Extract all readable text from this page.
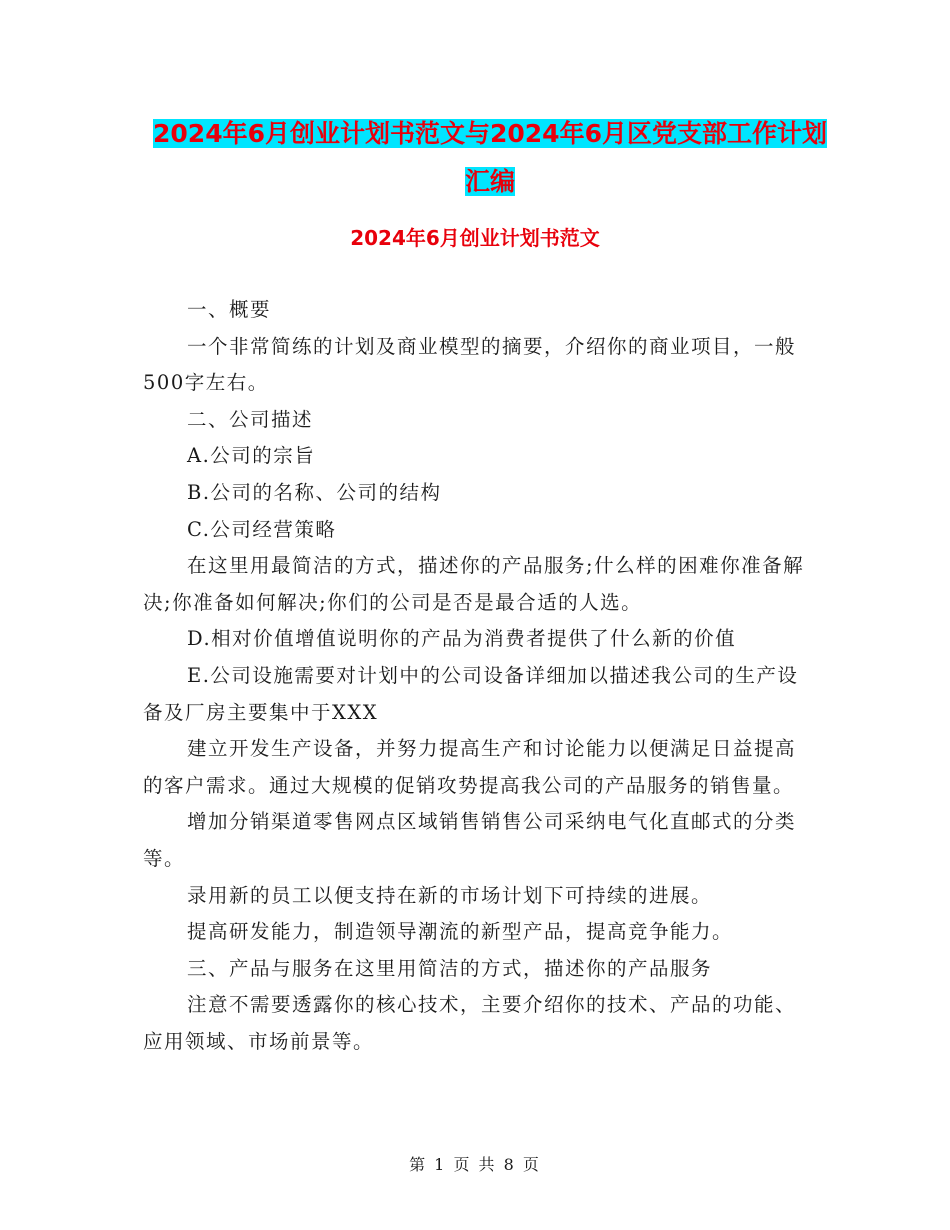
2024年6月创业计划书范文与2024年6月区党支部工作计划汇编
2024年6月创业计划书范文

一、概要

一个非常简练的计划及商业模型的摘要，介绍你的商业项目，一般500字左右。

二、公司描述

A.公司的宗旨

B.公司的名称、公司的结构

C.公司经营策略

在这里用最简洁的方式，描述你的产品服务;什么样的困难你准备解决;你准备如何解决;你们的公司是否是最合适的人选。

D.相对价值增值说明你的产品为消费者提供了什么新的价值

E.公司设施需要对计划中的公司设备详细加以描述我公司的生产设备及厂房主要集中于XXX

建立开发生产设备，并努力提高生产和讨论能力以便满足日益提高的客户需求。通过大规模的促销攻势提高我公司的产品服务的销售量。

增加分销渠道零售网点区域销售销售公司采纳电气化直邮式的分类等。

录用新的员工以便支持在新的市场计划下可持续的进展。

提高研发能力，制造领导潮流的新型产品，提高竞争能力。

三、产品与服务在这里用简洁的方式，描述你的产品服务

注意不需要透露你的核心技术，主要介绍你的技术、产品的功能、应用领域、市场前景等。

第 1 页 共 8 页
